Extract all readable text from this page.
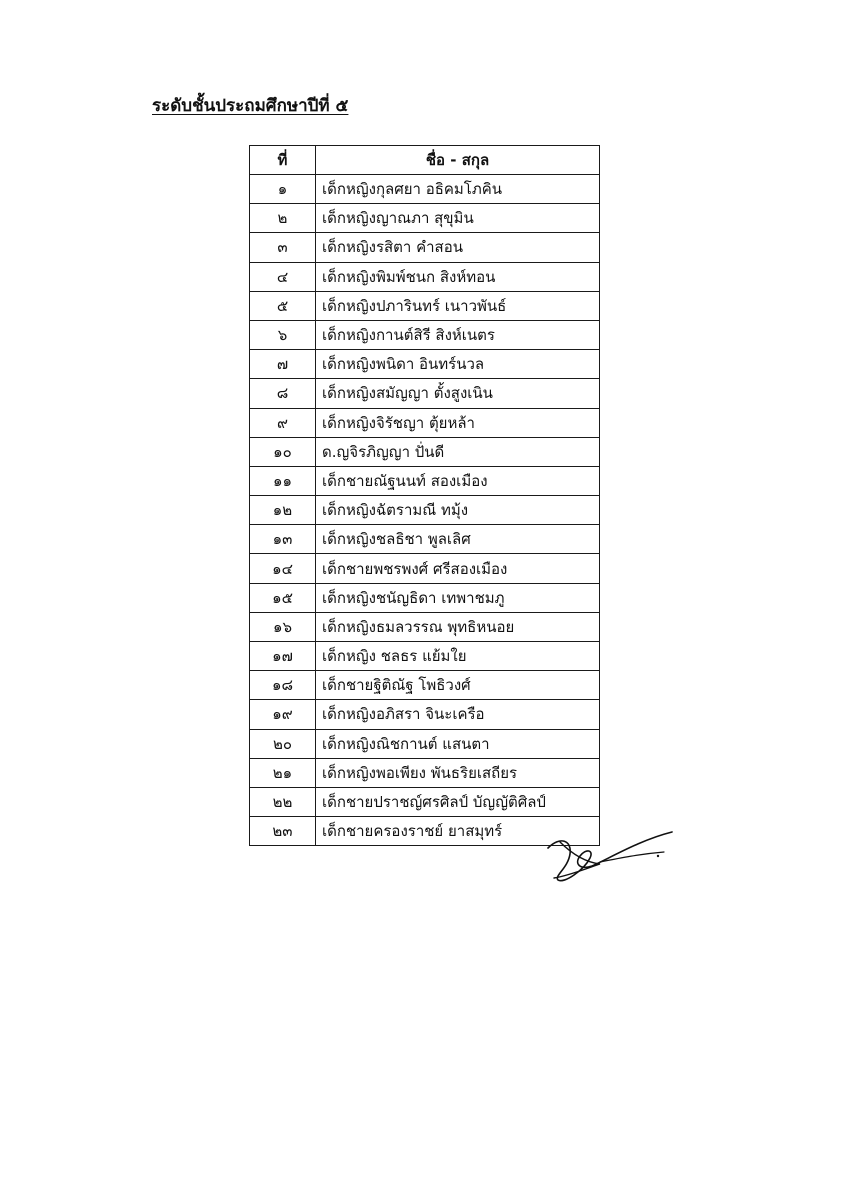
ระดับชั้นประถมศึกษาปีที่ ๕
ที่	ชื่อ - สกุล
๑	เด็กหญิงกุลศยา อธิคมโภคิน
๒	เด็กหญิงญาณภา สุขุมิน
๓	เด็กหญิงรสิตา คำสอน
๔	เด็กหญิงพิมพ์ชนก สิงห์ทอน
๕	เด็กหญิงปภารินทร์ เนาวพันธ์
๖	เด็กหญิงกานต์สิรี สิงห์เนตร
๗	เด็กหญิงพนิดา อินทร์นวล
๘	เด็กหญิงสมัญญา ตั้งสูงเนิน
๙	เด็กหญิงจิรัชญา ตุ้ยหล้า
๑๐	ด.ญจิรภิญญา ปั่นดี
๑๑	เด็กชายณัฐนนท์ สองเมือง
๑๒	เด็กหญิงฉัตรามณี ทมุ้ง
๑๓	เด็กหญิงชลธิชา พูลเลิศ
๑๔	เด็กชายพชรพงศ์ ศรีสองเมือง
๑๕	เด็กหญิงชนัญธิดา เทพาชมภู
๑๖	เด็กหญิงธมลวรรณ พุทธิหนอย
๑๗	เด็กหญิง ชลธร แย้มใย
๑๘	เด็กชายฐิติณัฐ โพธิวงศ์
๑๙	เด็กหญิงอภิสรา จินะเครือ
๒๐	เด็กหญิงณิชกานต์ แสนตา
๒๑	เด็กหญิงพอเพียง พันธริยเสถียร
๒๒	เด็กชายปราชญ์ศรศิลป์ บัญญัติศิลป์
๒๓	เด็กชายครองราชย์ ยาสมุทร์
